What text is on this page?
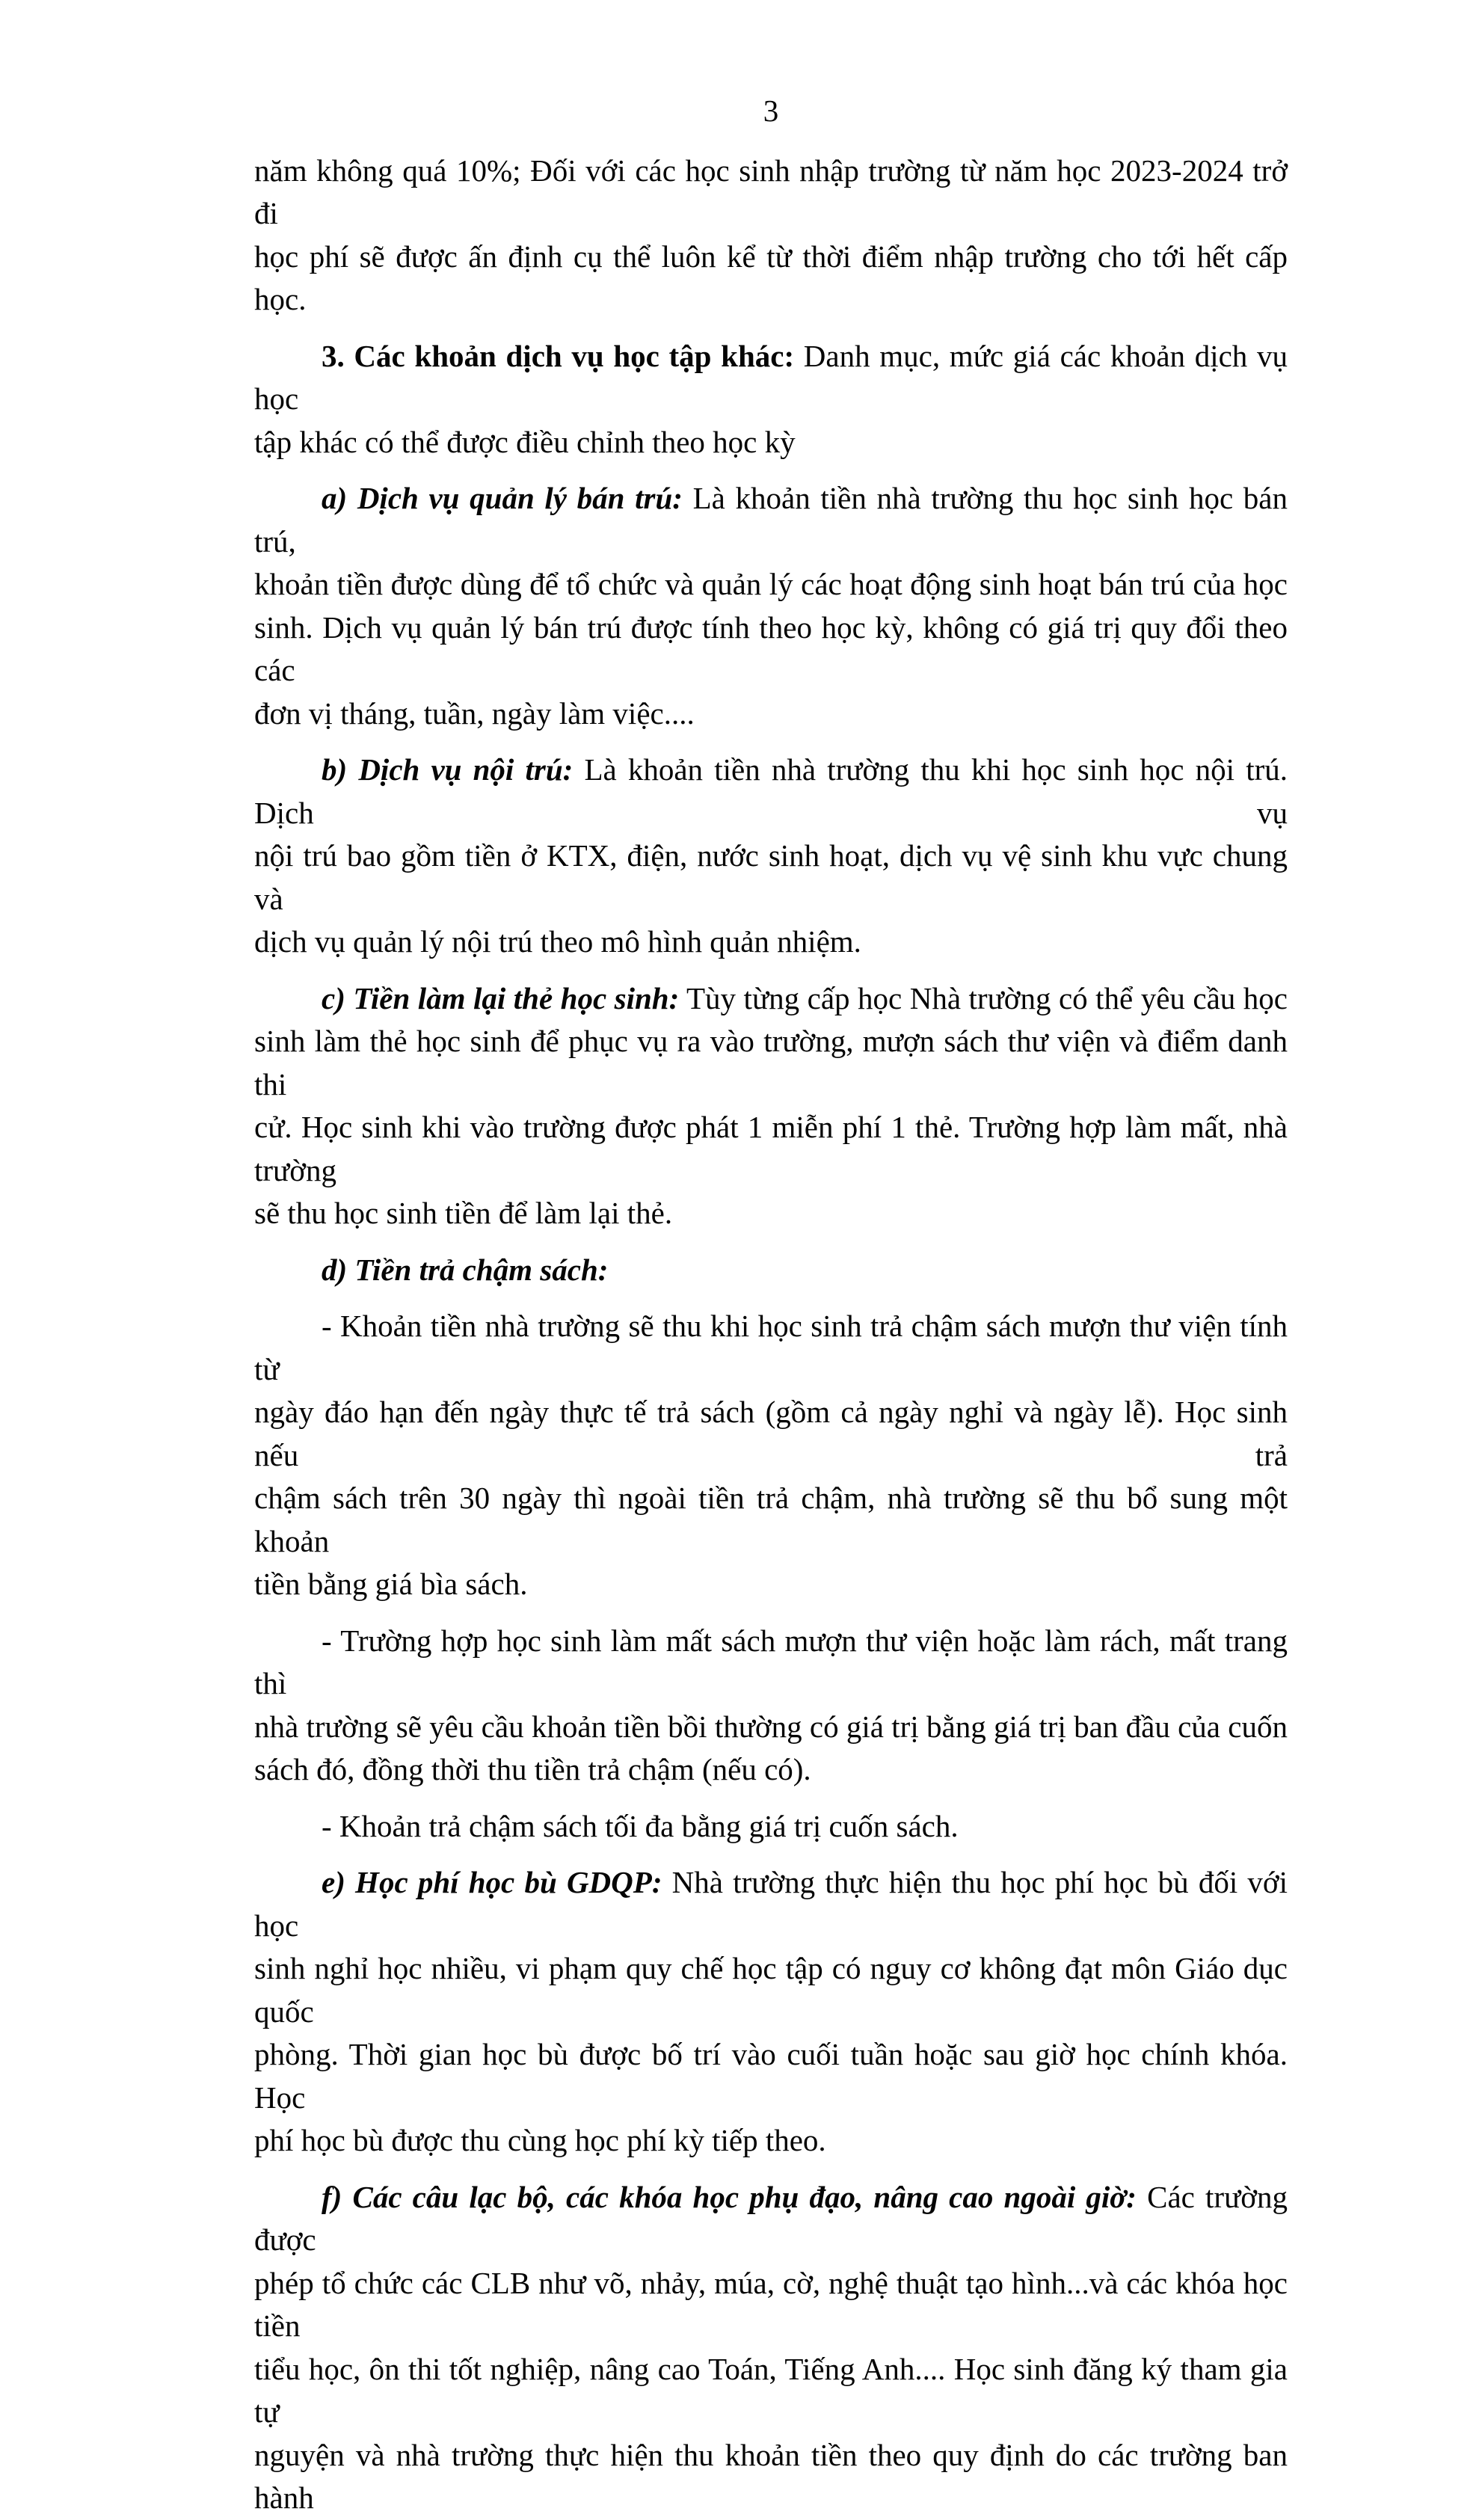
3
năm không quá 10%; Đối với các học sinh nhập trường từ năm học 2023-2024 trở đi
học phí sẽ được ấn định cụ thể luôn kể từ thời điểm nhập trường cho tới hết cấp học.
3. Các khoản dịch vụ học tập khác: Danh mục, mức giá các khoản dịch vụ học
tập khác có thể được điều chỉnh theo học kỳ
a) Dịch vụ quản lý bán trú: Là khoản tiền nhà trường thu học sinh học bán trú,
khoản tiền được dùng để tổ chức và quản lý các hoạt động sinh hoạt bán trú của học
sinh. Dịch vụ quản lý bán trú được tính theo học kỳ, không có giá trị quy đổi theo các
đơn vị tháng, tuần, ngày làm việc....
b) Dịch vụ nội trú: Là khoản tiền nhà trường thu khi học sinh học nội trú. Dịch vụ
nội trú bao gồm tiền ở KTX, điện, nước sinh hoạt, dịch vụ vệ sinh khu vực chung và
dịch vụ quản lý nội trú theo mô hình quản nhiệm.
c) Tiền làm lại thẻ học sinh: Tùy từng cấp học Nhà trường có thể yêu cầu học
sinh làm thẻ học sinh để phục vụ ra vào trường, mượn sách thư viện và điểm danh thi
cử. Học sinh khi vào trường được phát 1 miễn phí 1 thẻ. Trường hợp làm mất, nhà trường
sẽ thu học sinh tiền để làm lại thẻ.
d) Tiền trả chậm sách:
- Khoản tiền nhà trường sẽ thu khi học sinh trả chậm sách mượn thư viện tính từ
ngày đáo hạn đến ngày thực tế trả sách (gồm cả ngày nghỉ và ngày lễ). Học sinh nếu trả
chậm sách trên 30 ngày thì ngoài tiền trả chậm, nhà trường sẽ thu bổ sung một khoản
tiền bằng giá bìa sách.
- Trường hợp học sinh làm mất sách mượn thư viện hoặc làm rách, mất trang thì
nhà trường sẽ yêu cầu khoản tiền bồi thường có giá trị bằng giá trị ban đầu của cuốn
sách đó, đồng thời thu tiền trả chậm (nếu có).
- Khoản trả chậm sách tối đa bằng giá trị cuốn sách.
e) Học phí học bù GDQP: Nhà trường thực hiện thu học phí học bù đối với học
sinh nghỉ học nhiều, vi phạm quy chế học tập có nguy cơ không đạt môn Giáo dục quốc
phòng. Thời gian học bù được bố trí vào cuối tuần hoặc sau giờ học chính khóa. Học
phí học bù được thu cùng học phí kỳ tiếp theo.
f) Các câu lạc bộ, các khóa học phụ đạo, nâng cao ngoài giờ: Các trường được
phép tổ chức các CLB như võ, nhảy, múa, cờ, nghệ thuật tạo hình...và các khóa học tiền
tiểu học, ôn thi tốt nghiệp, nâng cao Toán, Tiếng Anh.... Học sinh đăng ký tham gia tự
nguyện và nhà trường thực hiện thu khoản tiền theo quy định do các trường ban hành
